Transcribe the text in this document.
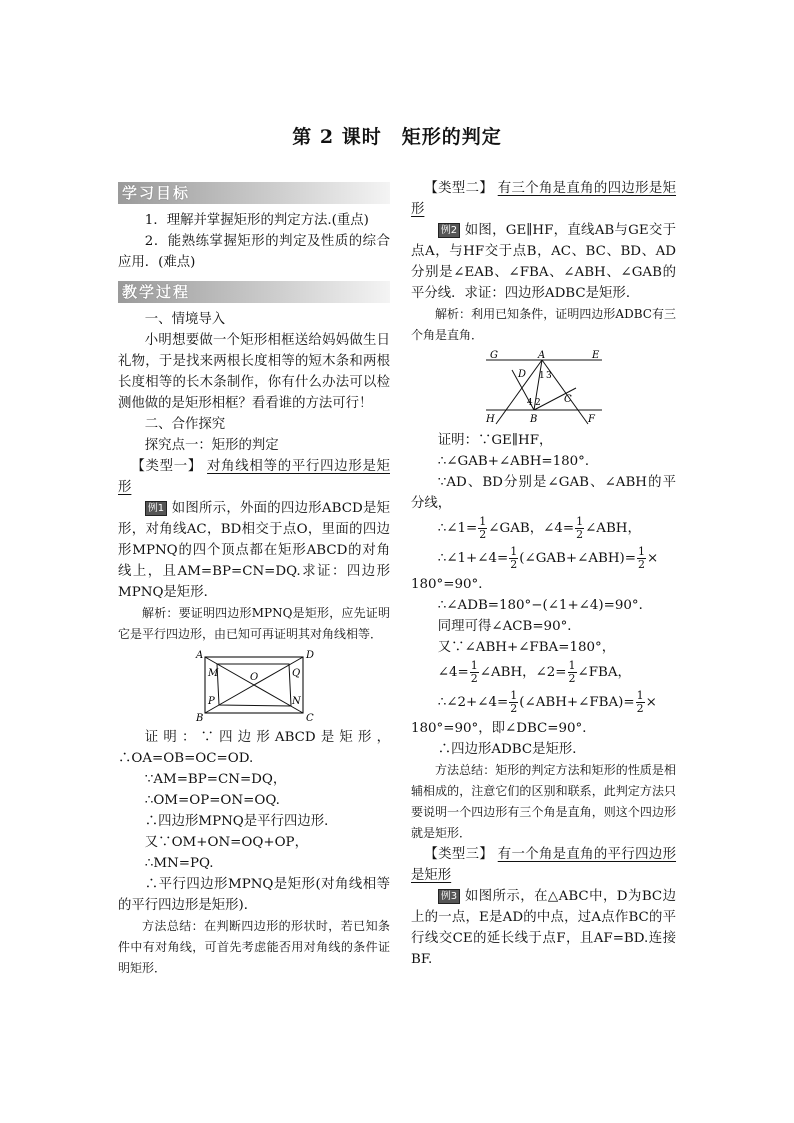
第 2 课时　矩形的判定
学习目标

1．理解并掌握矩形的判定方法.(重点)

2．能熟练掌握矩形的判定及性质的综合应用．(难点)

教学过程

一、情境导入

小明想要做一个矩形相框送给妈妈做生日礼物，于是找来两根长度相等的短木条和两根长度相等的长木条制作，你有什么办法可以检测他做的是矩形相框？看看谁的方法可行！

二、合作探究

探究点一：矩形的判定

【类型一】 对角线相等的平行四边形是矩形

例1 如图所示，外面的四边形ABCD是矩形，对角线AC，BD相交于点O，里面的四边形MPNQ的四个顶点都在矩形ABCD的对角线上，且AM=BP=CN=DQ.求证：四边形MPNQ是矩形．

解析：要证明四边形MPNQ是矩形，应先证明它是平行四边形，由已知可再证明其对角线相等．

A	D
B	C
M
P
Q
N
O

证明：∵四边形ABCD是矩形，∴OA=OB=OC=OD.

∵AM=BP=CN=DQ，

∴OM=OP=ON=OQ.

∴四边形MPNQ是平行四边形．

又∵OM+ON=OQ+OP，

∴MN=PQ.

∴平行四边形MPNQ是矩形(对角线相等的平行四边形是矩形)．

方法总结：在判断四边形的形状时，若已知条件中有对角线，可首先考虑能否用对角线的条件证明矩形．

【类型二】 有三个角是直角的四边形是矩形

例2 如图，GE∥HF，直线AB与GE交于点A，与HF交于点B，AC、BC、BD、AD分别是∠EAB、∠FBA、∠ABH、∠GAB的平分线．求证：四边形ADBC是矩形．

解析：利用已知条件，证明四边形ADBC有三个角是直角．

G	A	E
D 1 3
4 2 C
H	B	F

证明：∵GE∥HF，

∴∠GAB+∠ABH=180°．

∵AD、BD分别是∠GAB、∠ABH的平分线，

∴∠1= $\frac{1}{2}$ ∠GAB，∠4= $\frac{1}{2}$ ∠ABH，

∴∠1+∠4= $\frac{1}{2}$ (∠GAB+∠ABH)= $\frac{1}{2}$ ×

180°=90°．

∴∠ADB=180°−(∠1+∠4)=90°．

同理可得∠ACB=90°．

又∵∠ABH+∠FBA=180°，

∠4= $\frac{1}{2}$ ∠ABH，∠2= $\frac{1}{2}$ ∠FBA，

∴∠2+∠4= $\frac{1}{2}$ (∠ABH+∠FBA)= $\frac{1}{2}$ ×

180°=90°，即∠DBC=90°．

∴四边形ADBC是矩形．

方法总结：矩形的判定方法和矩形的性质是相辅相成的，注意它们的区别和联系，此判定方法只要说明一个四边形有三个角是直角，则这个四边形就是矩形．

【类型三】 有一个角是直角的平行四边形是矩形

例3 如图所示，在△ABC中，D为BC边上的一点，E是AD的中点，过A点作BC的平行线交CE的延长线于点F，且AF=BD.连接BF.
